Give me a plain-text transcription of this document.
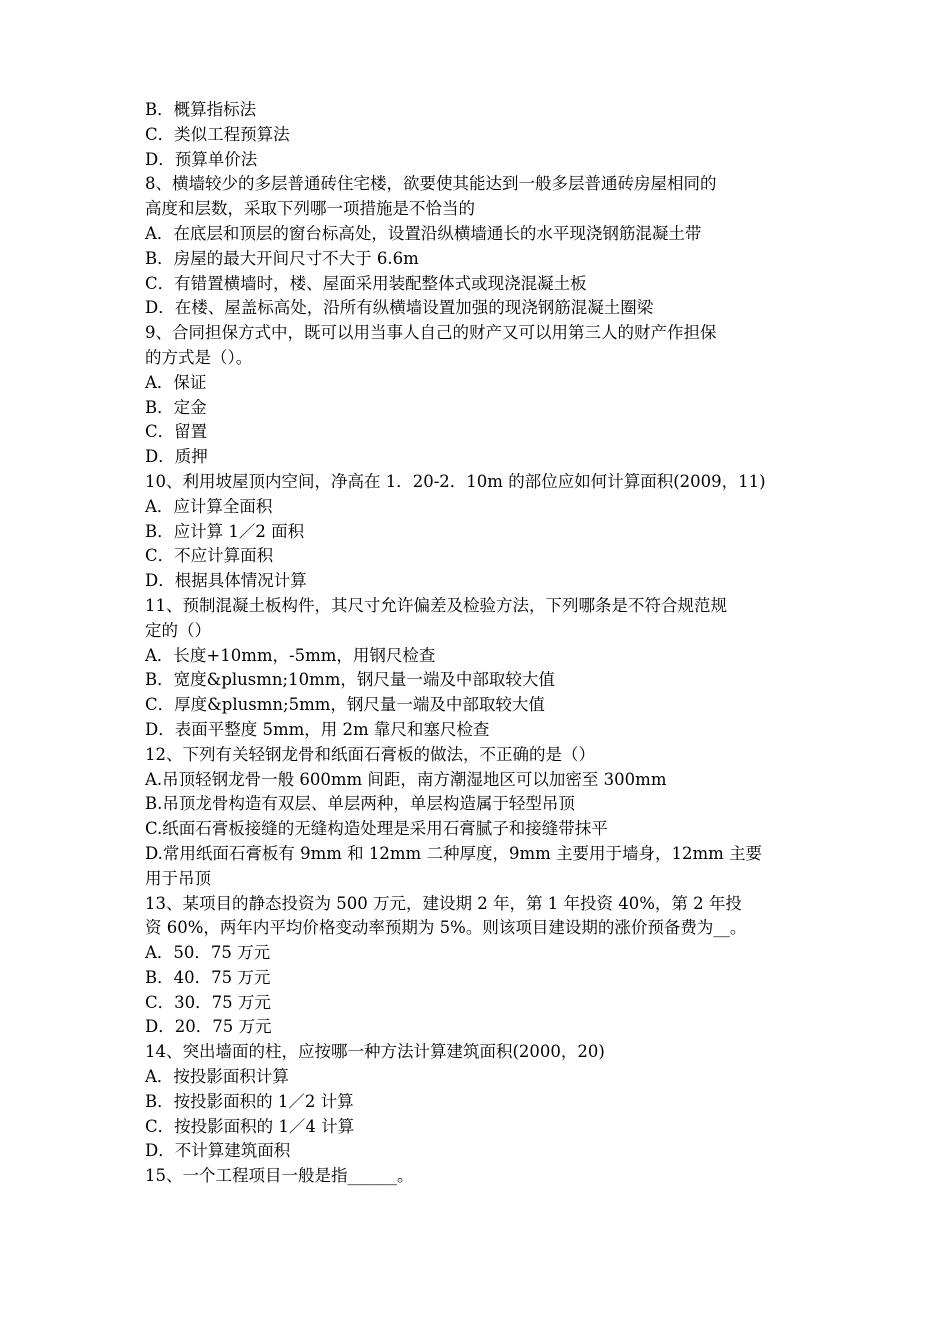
B．概算指标法
C．类似工程预算法
D．预算单价法
8、横墙较少的多层普通砖住宅楼，欲要使其能达到一般多层普通砖房屋相同的
高度和层数，采取下列哪一项措施是不恰当的
A．在底层和顶层的窗台标高处，设置沿纵横墙通长的水平现浇钢筋混凝土带
B．房屋的最大开间尺寸不大于 6.6m
C．有错置横墙时，楼、屋面采用装配整体式或现浇混凝土板
D．在楼、屋盖标高处，沿所有纵横墙设置加强的现浇钢筋混凝土圈梁
9、合同担保方式中，既可以用当事人自己的财产又可以用第三人的财产作担保
的方式是（）。
A．保证
B．定金
C．留置
D．质押
10、利用坡屋顶内空间，净高在 1．20-2．10m 的部位应如何计算面积(2009，11)
A．应计算全面积
B．应计算 1／2 面积
C．不应计算面积
D．根据具体情况计算
11、预制混凝土板构件，其尺寸允许偏差及检验方法，下列哪条是不符合规范规
定的（）
A．长度+10mm，-5mm，用钢尺检查
B．宽度&plusmn;10mm，钢尺量一端及中部取较大值
C．厚度&plusmn;5mm，钢尺量一端及中部取较大值
D．表面平整度 5mm，用 2m 靠尺和塞尺检查
12、下列有关轻钢龙骨和纸面石膏板的做法，不正确的是（）
A.吊顶轻钢龙骨一般 600mm 间距，南方潮湿地区可以加密至 300mm
B.吊顶龙骨构造有双层、单层两种，单层构造属于轻型吊顶
C.纸面石膏板接缝的无缝构造处理是采用石膏腻子和接缝带抹平
D.常用纸面石膏板有 9mm 和 12mm 二种厚度，9mm 主要用于墙身，12mm 主要
用于吊顶
13、某项目的静态投资为 500 万元，建设期 2 年，第 1 年投资 40%，第 2 年投
资 60%，两年内平均价格变动率预期为 5%。则该项目建设期的涨价预备费为__。
A．50．75 万元
B．40．75 万元
C．30．75 万元
D．20．75 万元
14、突出墙面的柱，应按哪一种方法计算建筑面积(2000，20)
A．按投影面积计算
B．按投影面积的 1／2 计算
C．按投影面积的 1／4 计算
D．不计算建筑面积
15、一个工程项目一般是指______。
